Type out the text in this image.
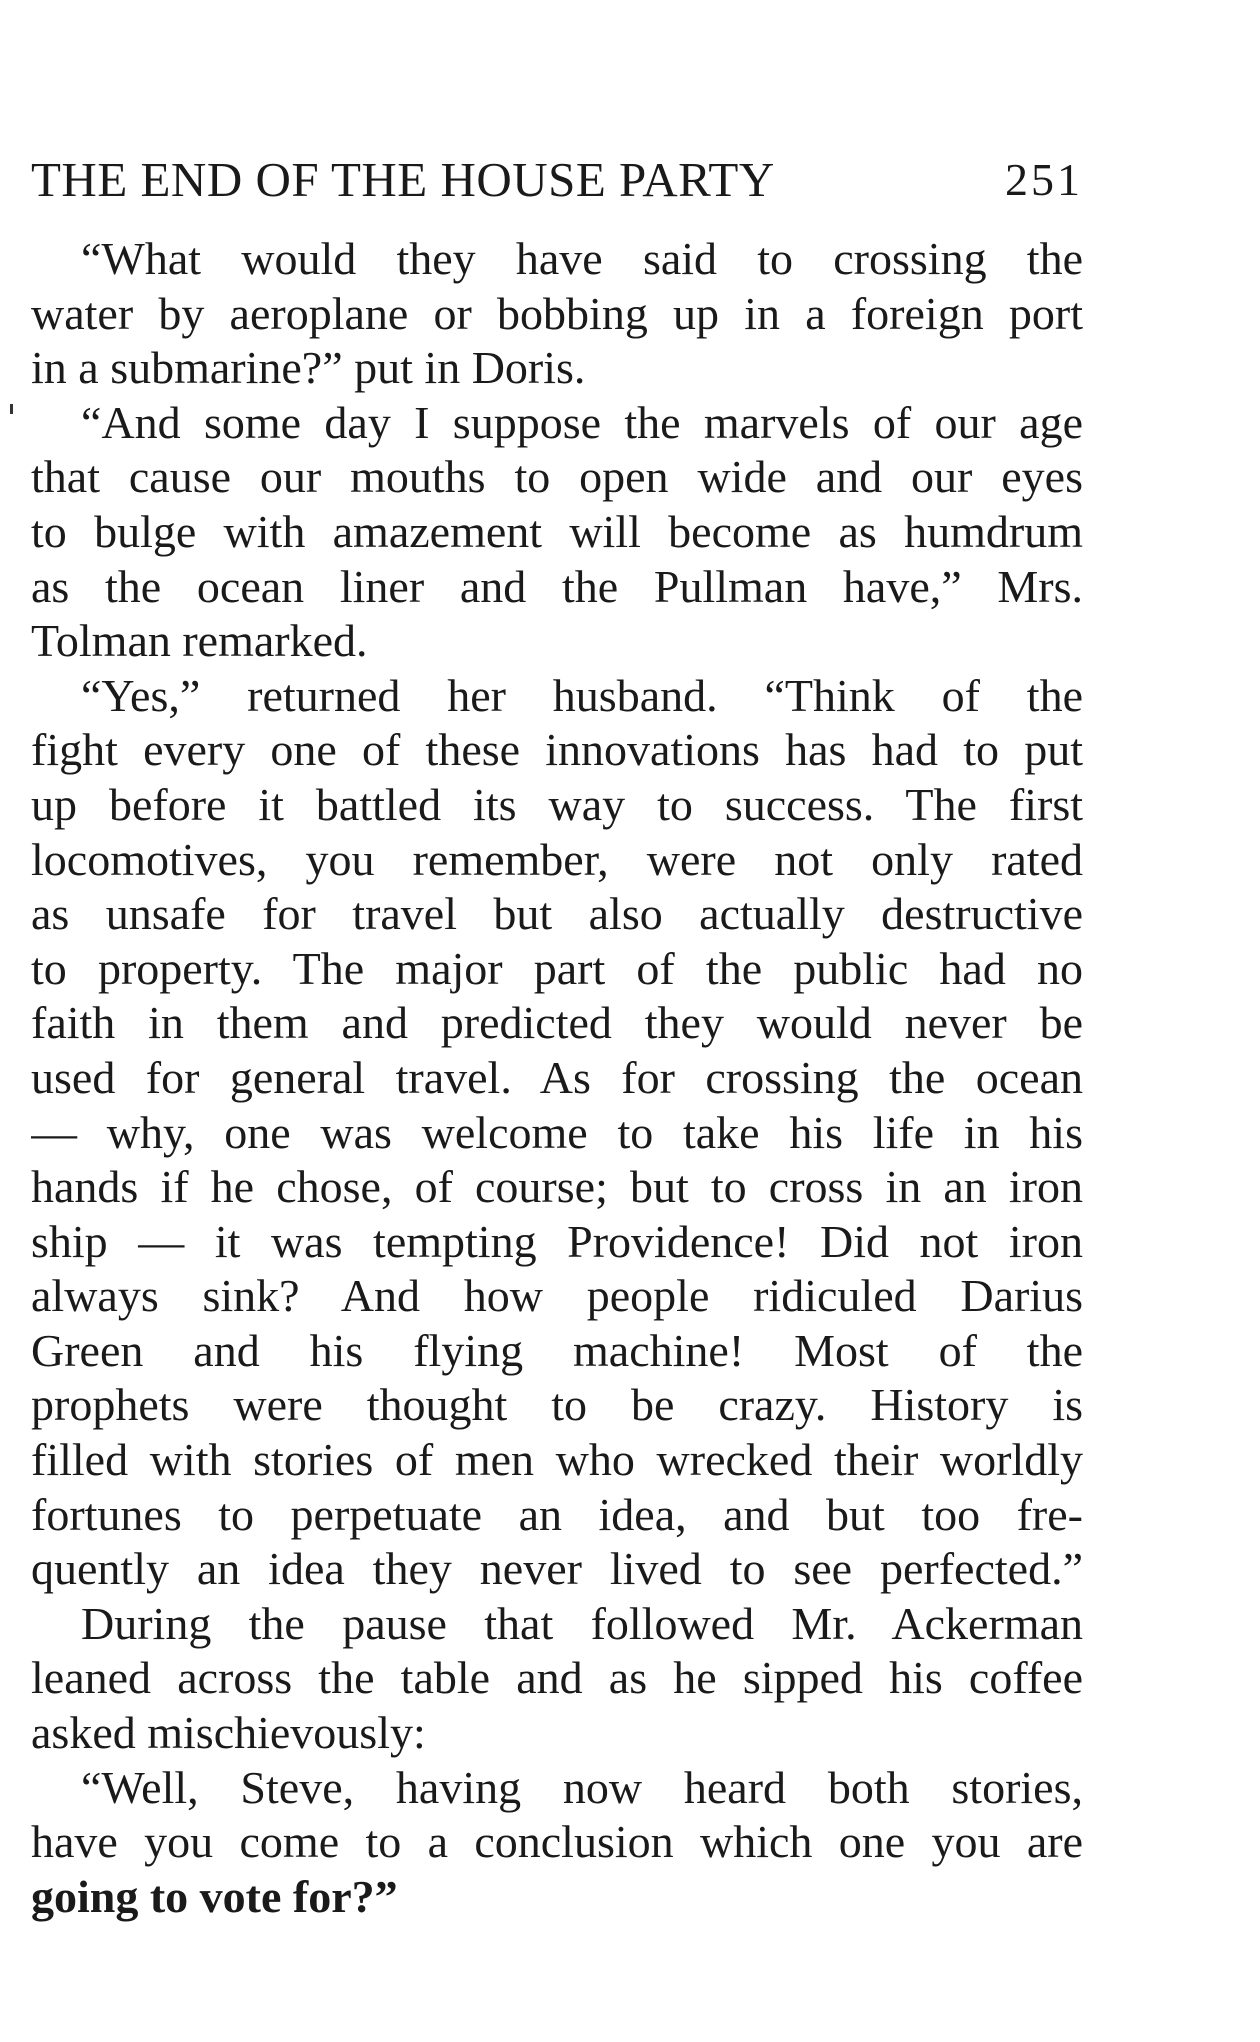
THE END OF THE HOUSE PARTY	251
“What would they have said to crossing the
water by aeroplane or bobbing up in a foreign port
in a submarine?” put in Doris.
“And some day I suppose the marvels of our age
that cause our mouths to open wide and our eyes
to bulge with amazement will become as humdrum
as the ocean liner and the Pullman have,” Mrs.
Tolman remarked.
“Yes,” returned her husband. “Think of the
fight every one of these innovations has had to put
up before it battled its way to success. The first
locomotives, you remember, were not only rated
as unsafe for travel but also actually destructive
to property. The major part of the public had no
faith in them and predicted they would never be
used for general travel. As for crossing the ocean
— why, one was welcome to take his life in his
hands if he chose, of course; but to cross in an iron
ship — it was tempting Providence! Did not iron
always sink? And how people ridiculed Darius
Green and his flying machine! Most of the
prophets were thought to be crazy. History is
filled with stories of men who wrecked their worldly
fortunes to perpetuate an idea, and but too fre-
quently an idea they never lived to see perfected.”
During the pause that followed Mr. Ackerman
leaned across the table and as he sipped his coffee
asked mischievously:
“Well, Steve, having now heard both stories,
have you come to a conclusion which one you are
going to vote for?”
